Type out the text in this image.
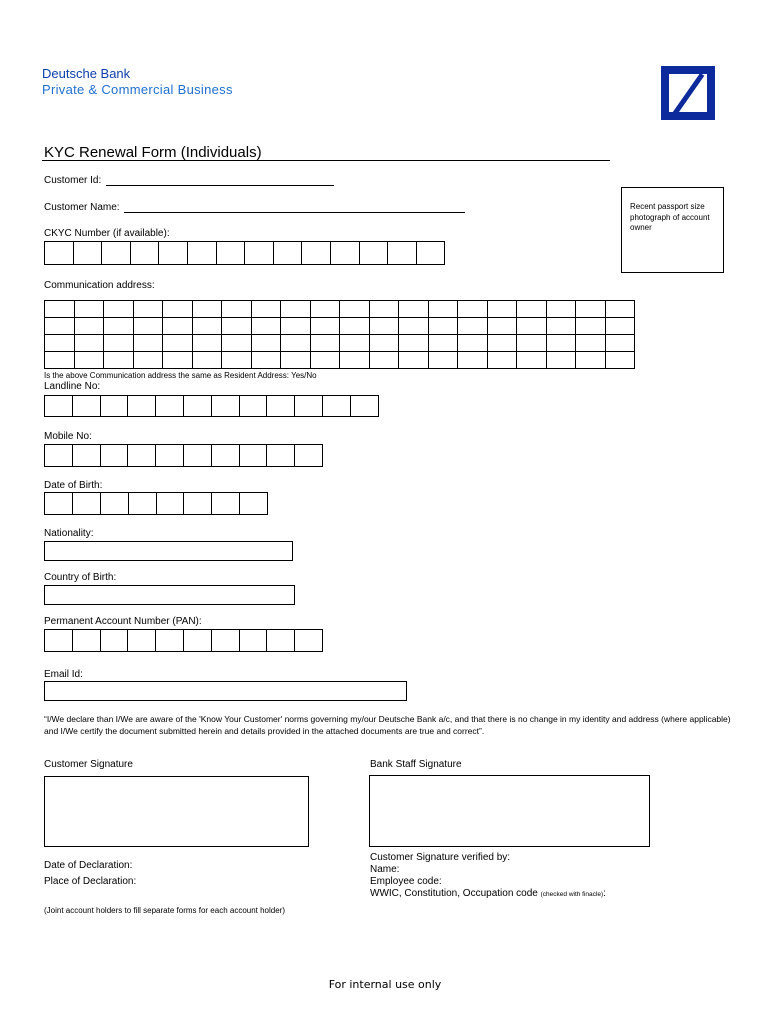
Deutsche Bank
Private & Commercial Business
KYC Renewal Form (Individuals)
Customer Id:
Customer Name:	Recent passport size photograph of account owner
CKYC Number (if available):
Communication address:
Is the above Communication address the same as Resident Address: Yes/No
Landline No:
Mobile No:
Date of Birth:
Nationality:
Country of Birth:
Permanent Account Number (PAN):
Email Id:
“I/We declare than I/We are aware of the 'Know Your Customer' norms governing my/our Deutsche Bank a/c, and that there is no change in my identity and address (where applicable) and I/We certify the document submitted herein and details provided in the attached documents are true and correct”.
Customer Signature	Bank Staff Signature
Date of Declaration:
Place of Declaration:
Customer Signature verified by:
Name:
Employee code:
WWIC, Constitution, Occupation code (checked with finacle):
(Joint account holders to fill separate forms for each account holder)
For internal use only
